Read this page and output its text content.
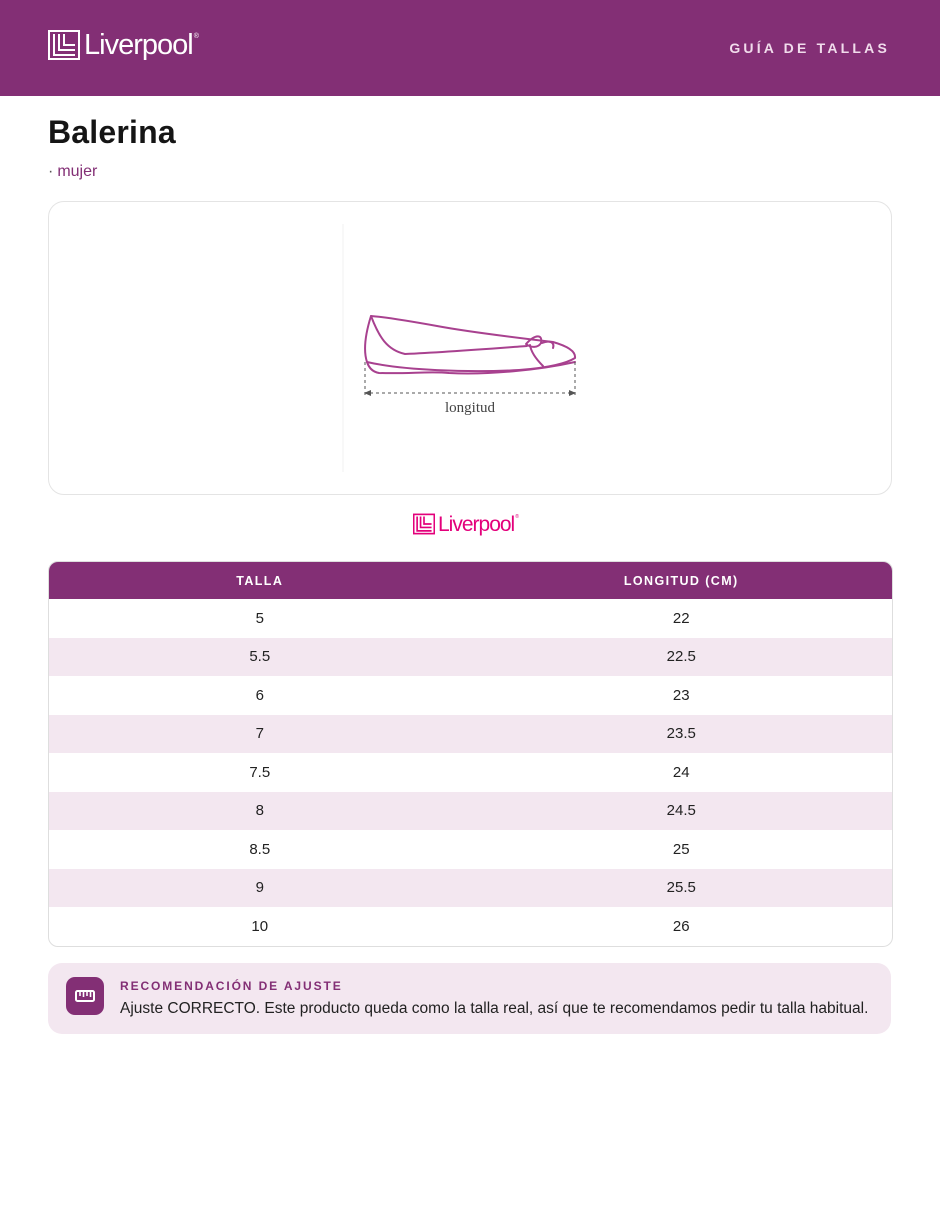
Liverpool ®
GUÍA DE TALLAS
Balerina
· mujer
longitud
Liverpool ®
TALLA	LONGITUD (CM)
5	22
5.5	22.5
6	23
7	23.5
7.5	24
8	24.5
8.5	25
9	25.5
10	26
RECOMENDACIÓN DE AJUSTE
Ajuste CORRECTO. Este producto queda como la talla real, así que te recomendamos pedir tu talla habitual.
